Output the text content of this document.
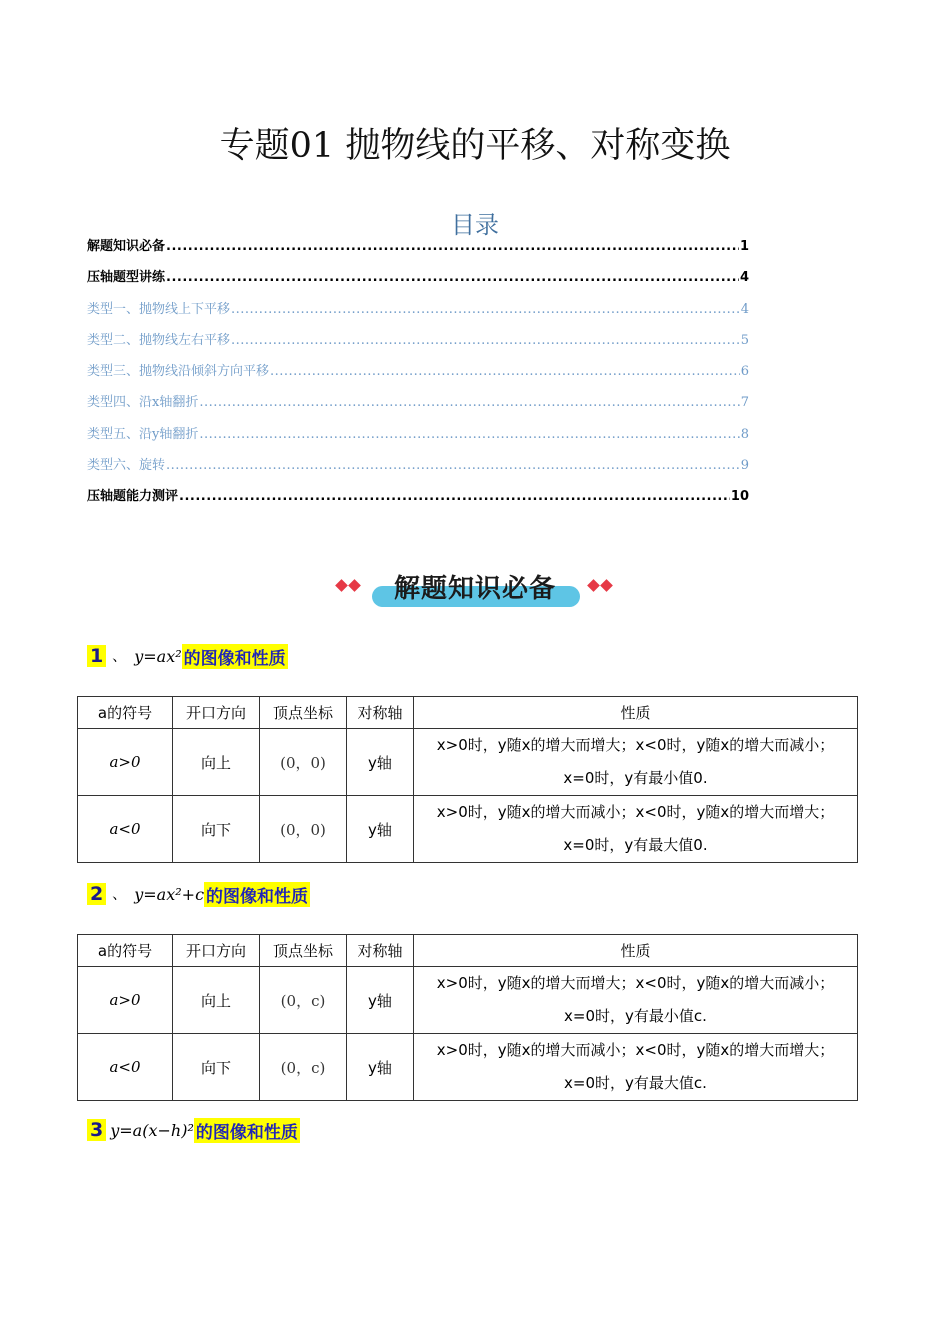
专题01 抛物线的平移、对称变换
目录
解题知识必备 .....	1
压轴题型讲练 .....	4
类型一、抛物线上下平移 .....	4
类型二、抛物线左右平移 .....	5
类型三、抛物线沿倾斜方向平移 .....	6
类型四、沿x轴翻折 .....	7
类型五、沿y轴翻折 .....	8
类型六、旋转 .....	9
压轴题能力测评 .....	10
解题知识必备
1 、 y=ax² 的图像和性质
a的符号	开口方向	顶点坐标	对称轴	性质
a>0	向上	(0，0)	y轴	x>0时，y随x的增大而增大；x<0时，y随x的增大而减小；x=0时，y有最小值0.
a<0	向下	(0，0)	y轴	x>0时，y随x的增大而减小；x<0时，y随x的增大而增大；x=0时，y有最大值0.
2 、 y=ax²+c 的图像和性质
a的符号	开口方向	顶点坐标	对称轴	性质
a>0	向上	(0，c)	y轴	x>0时，y随x的增大而增大；x<0时，y随x的增大而减小；x=0时，y有最小值c.
a<0	向下	(0，c)	y轴	x>0时，y随x的增大而减小；x<0时，y随x的增大而增大；x=0时，y有最大值c.
3 y=a(x−h)² 的图像和性质
